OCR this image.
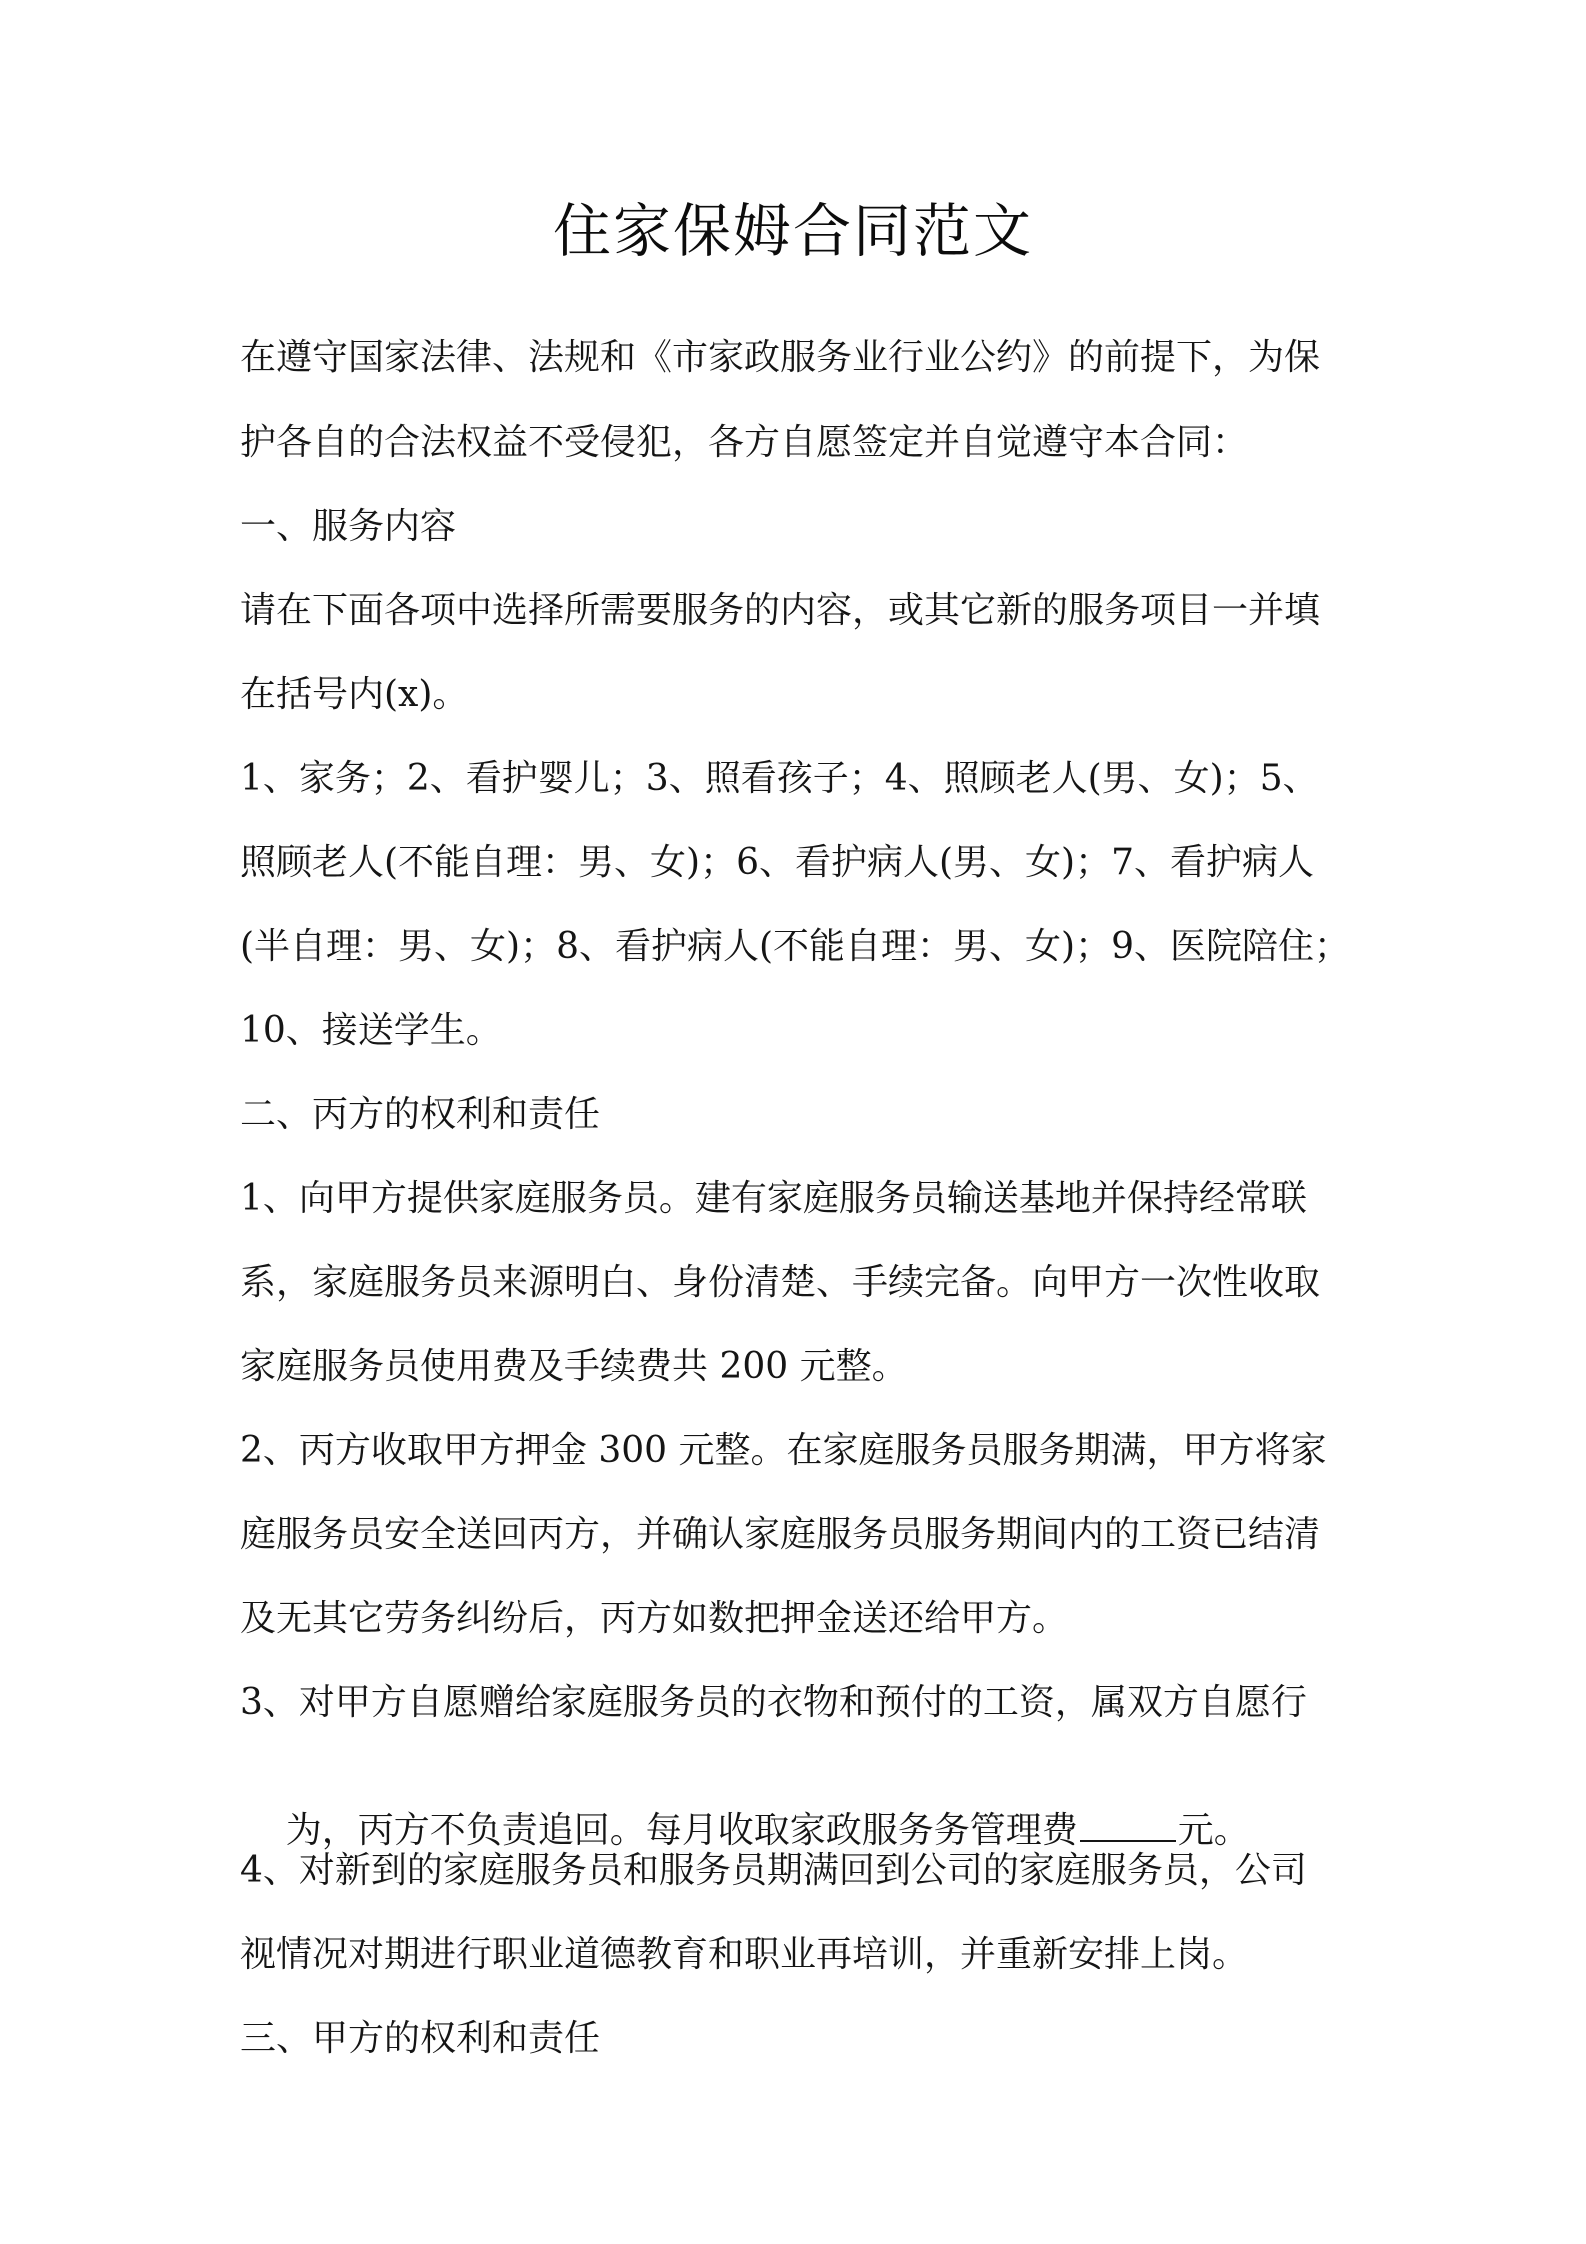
住家保姆合同范文
在遵守国家法律、法规和《市家政服务业行业公约》的前提下，为保
护各自的合法权益不受侵犯，各方自愿签定并自觉遵守本合同：
一、服务内容
请在下面各项中选择所需要服务的内容，或其它新的服务项目一并填
在括号内(x)。
1、家务；2、看护婴儿；3、照看孩子；4、照顾老人(男、女)；5、
照顾老人(不能自理：男、女)；6、看护病人(男、女)；7、看护病人
(半自理：男、女)；8、看护病人(不能自理：男、女)；9、医院陪住；
10、接送学生。
二、丙方的权利和责任
1、向甲方提供家庭服务员。建有家庭服务员输送基地并保持经常联
系，家庭服务员来源明白、身份清楚、手续完备。向甲方一次性收取
家庭服务员使用费及手续费共 200 元整。
2、丙方收取甲方押金 300 元整。在家庭服务员服务期满，甲方将家
庭服务员安全送回丙方，并确认家庭服务员服务期间内的工资已结清
及无其它劳务纠纷后，丙方如数把押金送还给甲方。
3、对甲方自愿赠给家庭服务员的衣物和预付的工资，属双方自愿行

为，丙方不负责追回。每月收取家政服务务管理费	元。

4、对新到的家庭服务员和服务员期满回到公司的家庭服务员，公司
视情况对期进行职业道德教育和职业再培训，并重新安排上岗。
三、甲方的权利和责任
